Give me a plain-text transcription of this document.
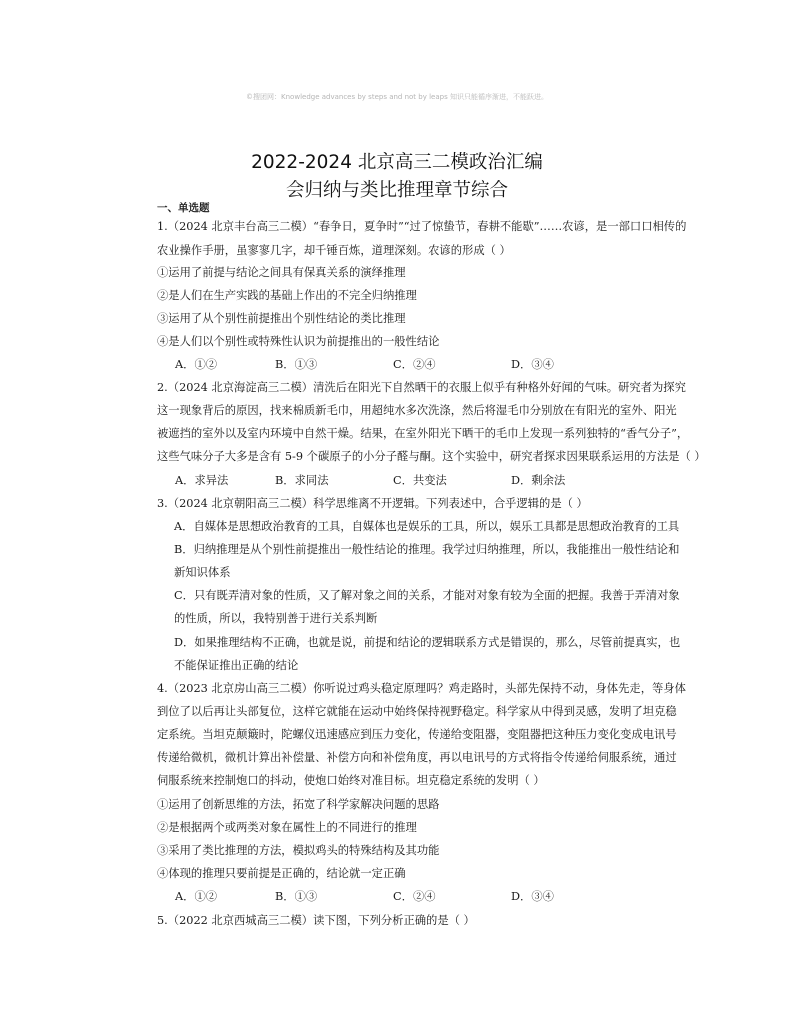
©搜团网：Knowledge advances by steps and not by leaps 知识只能循序渐进，不能跃进。
2022-2024 北京高三二模政治汇编
会归纳与类比推理章节综合
一、单选题
1.（2024 北京丰台高三二模）“春争日，夏争时”“过了惊蛰节，春耕不能歇”……农谚，是一部口口相传的
农业操作手册，虽寥寥几字，却千锤百炼，道理深刻。农谚的形成（ ）
①运用了前提与结论之间具有保真关系的演绎推理
②是人们在生产实践的基础上作出的不完全归纳推理
③运用了从个别性前提推出个别性结论的类比推理
④是人们以个别性或特殊性认识为前提推出的一般性结论
A．①②	B．①③	C．②④	D．③④
2.（2024 北京海淀高三二模）清洗后在阳光下自然晒干的衣服上似乎有种格外好闻的气味。研究者为探究
这一现象背后的原因，找来棉质新毛巾，用超纯水多次洗涤，然后将湿毛巾分别放在有阳光的室外、阳光
被遮挡的室外以及室内环境中自然干燥。结果，在室外阳光下晒干的毛巾上发现一系列独特的“香气分子”，
这些气味分子大多是含有 5-9 个碳原子的小分子醛与酮。这个实验中，研究者探求因果联系运用的方法是（ ）
A．求异法	B．求同法	C．共变法	D．剩余法
3.（2024 北京朝阳高三二模）科学思维离不开逻辑。下列表述中，合乎逻辑的是（ ）
A．自媒体是思想政治教育的工具，自媒体也是娱乐的工具，所以，娱乐工具都是思想政治教育的工具
B．归纳推理是从个别性前提推出一般性结论的推理。我学过归纳推理，所以，我能推出一般性结论和
新知识体系
C．只有既弄清对象的性质，又了解对象之间的关系，才能对对象有较为全面的把握。我善于弄清对象
的性质，所以，我特别善于进行关系判断
D．如果推理结构不正确，也就是说，前提和结论的逻辑联系方式是错误的，那么，尽管前提真实，也
不能保证推出正确的结论
4.（2023 北京房山高三二模）你听说过鸡头稳定原理吗？鸡走路时，头部先保持不动，身体先走，等身体
到位了以后再让头部复位，这样它就能在运动中始终保持视野稳定。科学家从中得到灵感，发明了坦克稳
定系统。当坦克颠簸时，陀螺仪迅速感应到压力变化，传递给变阻器，变阻器把这种压力变化变成电讯号
传递给微机，微机计算出补偿量、补偿方向和补偿角度，再以电讯号的方式将指令传递给伺服系统，通过
伺服系统来控制炮口的抖动，使炮口始终对准目标。坦克稳定系统的发明（ ）
①运用了创新思维的方法，拓宽了科学家解决问题的思路
②是根据两个或两类对象在属性上的不同进行的推理
③采用了类比推理的方法，模拟鸡头的特殊结构及其功能
④体现的推理只要前提是正确的，结论就一定正确
A．①②	B．①③	C．②④	D．③④
5.（2022 北京西城高三二模）读下图，下列分析正确的是（ ）
